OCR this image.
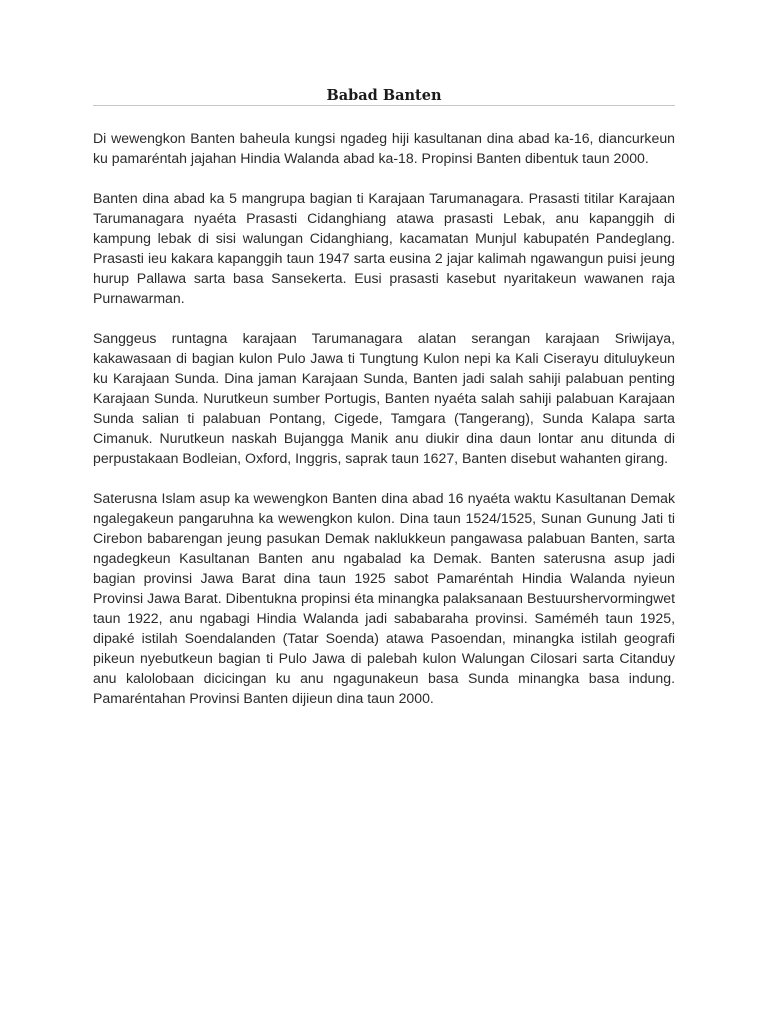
Babad Banten

Di wewengkon Banten baheula kungsi ngadeg hiji kasultanan dina abad ka-16, diancurkeun ku pamaréntah jajahan Hindia Walanda abad ka-18. Propinsi Banten dibentuk taun 2000.

Banten dina abad ka 5 mangrupa bagian ti Karajaan Tarumanagara. Prasasti titilar Karajaan Tarumanagara nyaéta Prasasti Cidanghiang atawa prasasti Lebak, anu kapanggih di kampung lebak di sisi walungan Cidanghiang, kacamatan Munjul kabupatén Pandeglang. Prasasti ieu kakara kapanggih taun 1947 sarta eusina 2 jajar kalimah ngawangun puisi jeung hurup Pallawa sarta basa Sansekerta. Eusi prasasti kasebut nyaritakeun wawanen raja Purnawarman.

Sanggeus runtagna karajaan Tarumanagara alatan serangan karajaan Sriwijaya, kakawasaan di bagian kulon Pulo Jawa ti Tungtung Kulon nepi ka Kali Ciserayu dituluykeun ku Karajaan Sunda. Dina jaman Karajaan Sunda, Banten jadi salah sahiji palabuan penting Karajaan Sunda. Nurutkeun sumber Portugis, Banten nyaéta salah sahiji palabuan Karajaan Sunda salian ti palabuan Pontang, Cigede, Tamgara (Tangerang), Sunda Kalapa sarta Cimanuk. Nurutkeun naskah Bujangga Manik anu diukir dina daun lontar anu ditunda di perpustakaan Bodleian, Oxford, Inggris, saprak taun 1627, Banten disebut wahanten girang.

Saterusna Islam asup ka wewengkon Banten dina abad 16 nyaéta waktu Kasultanan Demak ngalegakeun pangaruhna ka wewengkon kulon. Dina taun 1524/1525, Sunan Gunung Jati ti Cirebon babarengan jeung pasukan Demak naklukkeun pangawasa palabuan Banten, sarta ngadegkeun Kasultanan Banten anu ngabalad ka Demak. Banten saterusna asup jadi bagian provinsi Jawa Barat dina taun 1925 sabot Pamaréntah Hindia Walanda nyieun Provinsi Jawa Barat. Dibentukna propinsi éta minangka palaksanaan Bestuurshervormingwet taun 1922, anu ngabagi Hindia Walanda jadi sababaraha provinsi. Saméméh taun 1925, dipaké istilah Soendalanden (Tatar Soenda) atawa Pasoendan, minangka istilah geografi pikeun nyebutkeun bagian ti Pulo Jawa di palebah kulon Walungan Cilosari sarta Citanduy anu kalolobaan dicicingan ku anu ngagunakeun basa Sunda minangka basa indung. Pamaréntahan Provinsi Banten dijieun dina taun 2000.
